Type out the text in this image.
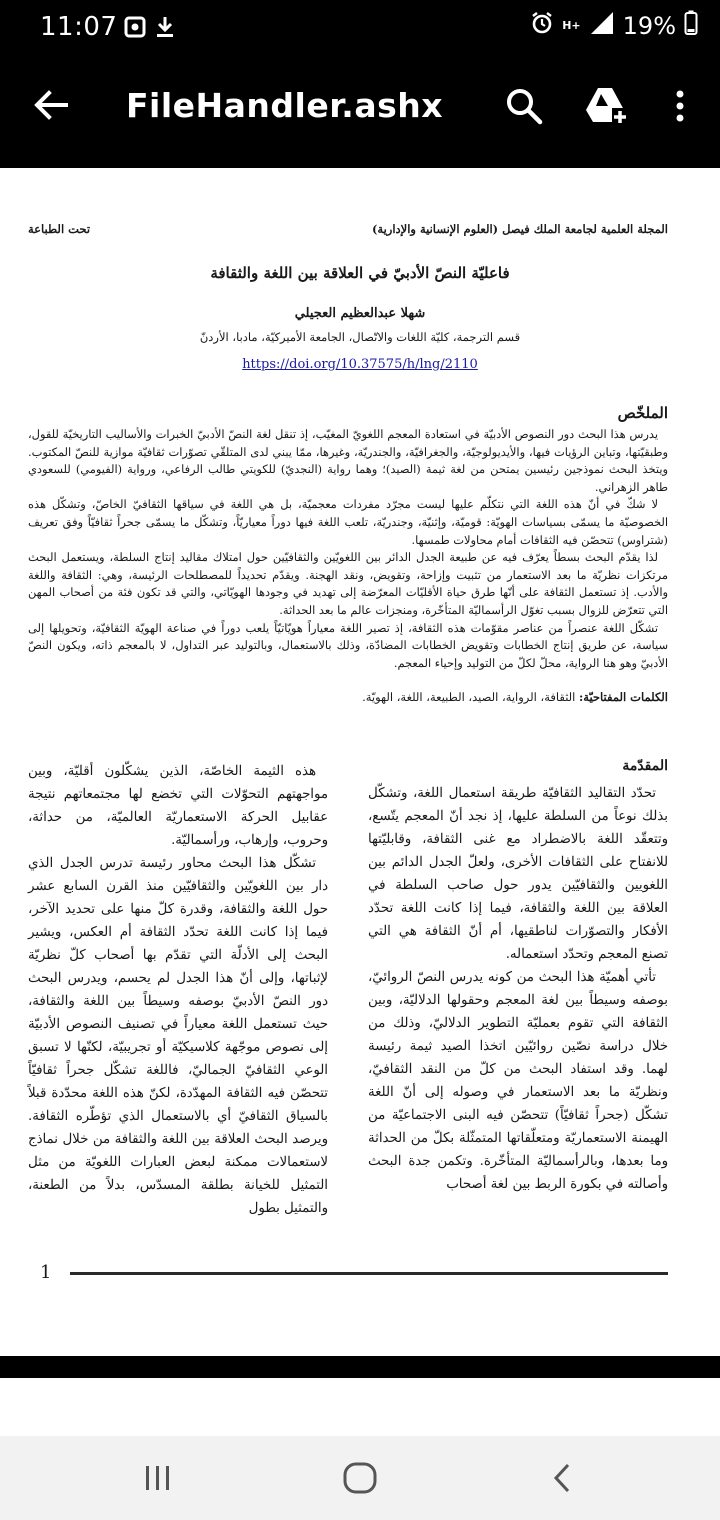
11:07	H+ 19%
FileHandler.ashx
تحت الطباعة	المجلة العلمية لجامعة الملك فيصل (العلوم الإنسانية والإدارية)
فاعليّة النصّ الأدبيّ في العلاقة بين اللغة والثقافة
شهلا عبدالعظيم العجيلي
قسم الترجمة، كليّة اللغات والاتّصال، الجامعة الأميركيّة، مادبا، الأردنّ
https://doi.org/10.37575/h/lng/2110
الملخّص

يدرس هذا البحث دور النصوص الأدبيّة في استعادة المعجم اللغويّ المغيّب، إذ تنقل لغة النصّ الأدبيّ الخبرات والأساليب التاريخيّة للقول، وطبقيّتها، وتباين الرؤيات فيها، والأيديولوجيّة، والجغرافيّة، والجندريّة، وغيرها، ممّا يبني لدى المتلقّي تصوّرات ثقافيّة موازية للنصّ المكتوب. ويتخذ البحث نموذجين رئيسين يمتحن من لغة ثيمة (الصيد)؛ وهما رواية (النجديّ) للكويتي طالب الرفاعي، ورواية (الفيومي) للسعودي طاهر الزهراني.

لا شكّ في أنّ هذه اللغة التي نتكلّم عليها ليست مجرّد مفردات معجميّة، بل هي اللغة في سياقها الثقافيّ الخاصّ، وتشكّل هذه الخصوصيّة ما يسمّى بسياسات الهويّة: قوميّة، وإثنيّة، وجندريّة، تلعب اللغة فيها دوراً معياريّاً، وتشكّل ما يسمّى جحراً ثقافيّاً وفق تعريف (شتراوس) تتحصّن فيه الثقافات أمام محاولات طمسها.

لذا يقدّم البحث بسطاً يعرّف فيه عن طبيعة الجدل الدائر بين اللغويّين والثقافيّين حول امتلاك مقاليد إنتاج السلطة، ويستعمل البحث مرتكزات نظريّة ما بعد الاستعمار من تثبيت وإزاحة، وتقويض، ونقد الهجنة. ويقدّم تحديداً للمصطلحات الرئيسة، وهي: الثقافة واللغة والأدب. إذ تستعمل الثقافة على أنّها طرق حياة الأقليّات المعرّضة إلى تهديد في وجودها الهويّاتي، والتي قد تكون فئة من أصحاب المهن التي تتعرّض للزوال بسبب تغوّل الرأسماليّة المتأخّرة، ومنجزات عالم ما بعد الحداثة.

تشكّل اللغة عنصراً من عناصر مقوّمات هذه الثقافة، إذ تصير اللغة معياراً هويّاتيّاً يلعب دوراً في صناعة الهويّة الثقافيّة، وتحويلها إلى سياسة، عن طريق إنتاج الخطابات وتقويض الخطابات المضادّة، وذلك بالاستعمال، وبالتوليد عبر التداول، لا بالمعجم ذاته، ويكون النصّ الأدبيّ وهو هنا الرواية، محلّ لكلّ من التوليد وإحياء المعجم.

الكلمات المفتاحيّة: الثقافة، الرواية، الصيد، الطبيعة، اللغة، الهويّة.
المقدّمة

تحدّد التقاليد الثقافيّة طريقة استعمال اللغة، وتشكّل بذلك نوعاً من السلطة عليها، إذ نجد أنّ المعجم يتّسع، وتتعقّد اللغة بالاضطراد مع غنى الثقافة، وقابليّتها للانفتاح على الثقافات الأخرى، ولعلّ الجدل الدائم بين اللغويين والثقافيّين يدور حول صاحب السلطة في العلاقة بين اللغة والثقافة، فيما إذا كانت اللغة تحدّد الأفكار والتصوّرات لناطقيها، أم أنّ الثقافة هي التي تصنع المعجم وتحدّد استعماله.

تأتي أهميّة هذا البحث من كونه يدرس النصّ الروائيّ، بوصفه وسيطاً بين لغة المعجم وحقولها الدلاليّة، وبين الثقافة التي تقوم بعمليّة التطوير الدلاليّ، وذلك من خلال دراسة نصّين روائيّين اتخذا الصيد ثيمة رئيسة لهما. وقد استفاد البحث من كلّ من النقد الثقافيّ، ونظريّة ما بعد الاستعمار في وصوله إلى أنّ اللغة تشكّل (جحراً ثقافيّاً) تتحصّن فيه البنى الاجتماعيّة من الهيمنة الاستعماريّة ومتعلّقاتها المتمثّلة بكلّ من الحداثة وما بعدها، وبالرأسماليّة المتأخّرة. وتكمن جدة البحث وأصالته في بكورة الربط بين لغة أصحاب

هذه الثيمة الخاصّة، الذين يشكّلون أقليّة، وبين مواجهتهم التحوّلات التي تخضع لها مجتمعاتهم نتيجة عقابيل الحركة الاستعماريّة العالميّة، من حداثة، وحروب، وإرهاب، ورأسماليّة.

تشكّل هذا البحث محاور رئيسة تدرس الجدل الذي دار بين اللغويّين والثقافيّين منذ القرن السابع عشر حول اللغة والثقافة، وقدرة كلّ منها على تحديد الآخر، فيما إذا كانت اللغة تحدّد الثقافة أم العكس، ويشير البحث إلى الأدلّة التي تقدّم بها أصحاب كلّ نظريّة لإثباتها، وإلى أنّ هذا الجدل لم يحسم، ويدرس البحث دور النصّ الأدبيّ بوصفه وسيطاً بين اللغة والثقافة، حيث تستعمل اللغة معياراً في تصنيف النصوص الأدبيّة إلى نصوص موجّهة كلاسيكيّة أو تجريبيّة، لكنّها لا تسبق الوعي الثقافيّ الجماليّ، فاللغة تشكّل جحراً ثقافيّاً تتحصّن فيه الثقافة المهدّدة، لكنّ هذه اللغة محدّدة قبلاً بالسياق الثقافيّ أي بالاستعمال الذي تؤطّره الثقافة. ويرصد البحث العلاقة بين اللغة والثقافة من خلال نماذج لاستعمالات ممكنة لبعض العبارات اللغويّة من مثل التمثيل للخيانة بطلقة المسدّس، بدلاً من الطعنة، والتمثيل بطول

1
